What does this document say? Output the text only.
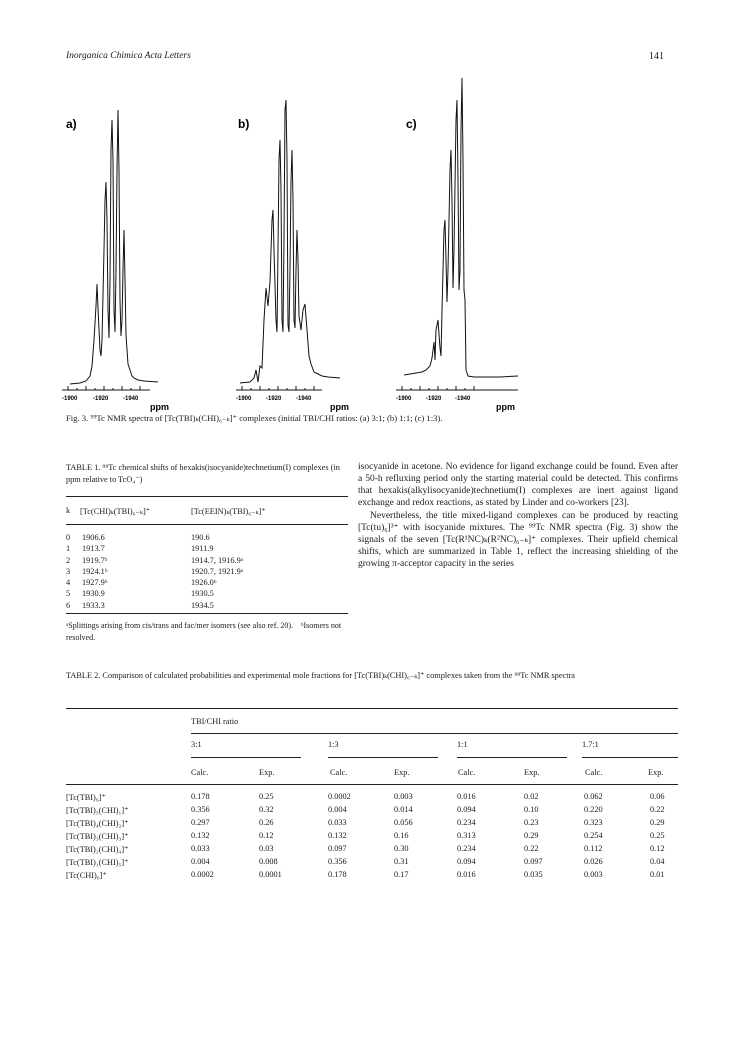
Inorganica Chimica Acta Letters	141
a)
-1900	-1920 -1940
ppm
b)
-1900 -1920 -1940
ppm
c)
-1900 -1920 -1940
ppm
Fig. 3. ⁹⁹Tc NMR spectra of [Tc(TBI)ₖ(CHI)₆₋ₖ]⁺ complexes (initial TBI/CHI ratios: (a) 3:1; (b) 1:1; (c) 1:3).
TABLE 1. ⁹⁹Tc chemical shifts of hexakis(isocyanide)technetium(I) complexes (in ppm relative to TcO₄⁻)
k [Tc(CHI)ₖ(TBI)₆₋ₖ]⁺	[Tc(EEIN)ₖ(TBI)₆₋ₖ]⁺
0 1906.6	190.6
1 1913.7	1911.9
2 1919.7ᵇ	1914.7, 1916.9ᵃ
3 1924.1ᵇ	1920.7, 1921.9ᵃ
4 1927.9ᵇ	1926.0ᵇ
5 1930.9	1930.5
6 1933.3	1934.5
ᵃSplittings arising from cis/trans and fac/mer isomers (see also ref. 20). ᵇIsomers not resolved.

isocyanide in acetone. No evidence for ligand exchange could be found. Even after a 50-h refluxing period only the starting material could be detected. This confirms that hexakis(alkylisocyanide)technetium(I) complexes are inert against ligand exchange and redox reactions, as stated by Linder and co-workers [23].

Nevertheless, the title mixed-ligand complexes can be produced by reacting [Tc(tu)₆]³⁺ with isocyanide mixtures. The ⁹⁹Tc NMR spectra (Fig. 3) show the signals of the seven [Tc(R¹NC)ₖ(R²NC)₆₋ₖ]⁺ complexes. Their upfield chemical shifts, which are summarized in Table 1, reflect the increasing shielding of the growing π-acceptor capacity in the series

TABLE 2. Comparison of calculated probabilities and experimental mole fractions for [Tc(TBI)ₖ(CHI)₆₋ₖ]⁺ complexes taken from the ⁹⁹Tc NMR spectra
TBI/CHI ratio
3:1	1:3	1:1	1.7:1
Calc.	Exp.	Calc.	Exp.	Calc.	Exp.	Calc.	Exp.
[Tc(TBI)₆]⁺	0.178	0.25	0.0002	0.003	0.016	0.02	0.062	0.06
[Tc(TBI)₅(CHI)₁]⁺	0.356	0.32	0.004	0.014	0.094	0.10	0.220	0.22
[Tc(TBI)₄(CHI)₂]⁺	0.297	0.26	0.033	0.056	0.234	0.23	0.323	0.29
[Tc(TBI)₃(CHI)₃]⁺	0.132	0.12	0.132	0.16	0.313	0.29	0.254	0.25
[Tc(TBI)₂(CHI)₄]⁺	0.033	0.03	0.097	0.30	0.234	0.22	0.112	0.12
[Tc(TBI)₁(CHI)₅]⁺	0.004	0.008	0.356	0.31	0.094	0.097	0.026	0.04
[Tc(CHI)₆]⁺	0.0002	0.0001	0.178	0.17	0.016	0.035	0.003	0.01
